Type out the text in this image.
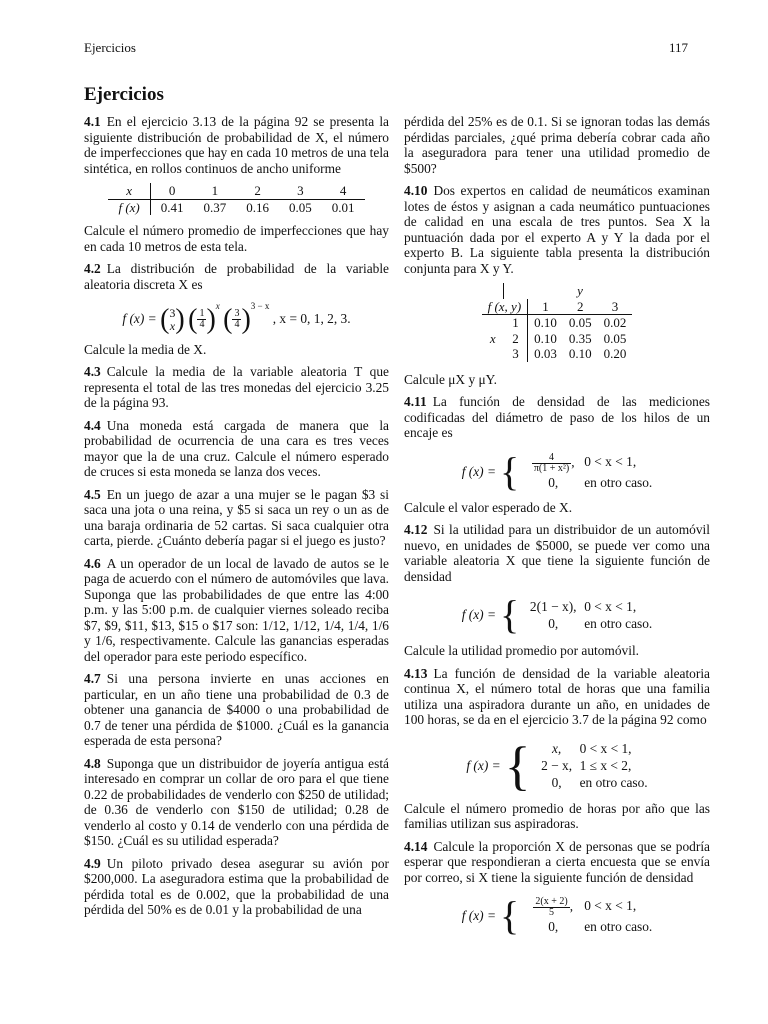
Ejercicios	117
Ejercicios

4.1 En el ejercicio 3.13 de la página 92 se presenta la siguiente distribución de probabilidad de X, el número de imperfecciones que hay en cada 10 metros de una tela sintética, en rollos continuos de ancho uniforme

x	0	1	2	3	4
f (x)	0.41	0.37	0.16	0.05	0.01

Calcule el número promedio de imperfecciones que hay en cada 10 metros de esta tela.

4.2 La distribución de probabilidad de la variable aleatoria discreta X es

f (x) = ( 3
x ) ( $\frac{1}{4} )^x$ ( $\frac{3}{4} )^{3 - x}$ , x = 0, 1, 2, 3.

Calcule la media de X.

4.3 Calcule la media de la variable aleatoria T que representa el total de las tres monedas del ejercicio 3.25 de la página 93.

4.4 Una moneda está cargada de manera que la probabilidad de ocurrencia de una cara es tres veces mayor que la de una cruz. Calcule el número esperado de cruces si esta moneda se lanza dos veces.

4.5 En un juego de azar a una mujer se le pagan $3 si saca una jota o una reina, y $5 si saca un rey o un as de una baraja ordinaria de 52 cartas. Si saca cualquier otra carta, pierde. ¿Cuánto debería pagar si el juego es justo?

4.6 A un operador de un local de lavado de autos se le paga de acuerdo con el número de automóviles que lava. Suponga que las probabilidades de que entre las 4:00 p.m. y las 5:00 p.m. de cualquier viernes soleado reciba $7, $9, $11, $13, $15 o $17 son: 1/12, 1/12, 1/4, 1/4, 1/6 y 1/6, respectivamente. Calcule las ganancias esperadas del operador para este periodo específico.

4.7 Si una persona invierte en unas acciones en particular, en un año tiene una probabilidad de 0.3 de obtener una ganancia de $4000 o una probabilidad de 0.7 de tener una pérdida de $1000. ¿Cuál es la ganancia esperada de esta persona?

4.8 Suponga que un distribuidor de joyería antigua está interesado en comprar un collar de oro para el que tiene 0.22 de probabilidades de venderlo con $250 de utilidad; de 0.36 de venderlo con $150 de utilidad; 0.28 de venderlo al costo y 0.14 de venderlo con una pérdida de $150. ¿Cuál es su utilidad esperada?

4.9 Un piloto privado desea asegurar su avión por $200,000. La aseguradora estima que la probabilidad de pérdida total es de 0.002, que la probabilidad de una pérdida del 50% es de 0.01 y la probabilidad de una

pérdida del 25% es de 0.1. Si se ignoran todas las demás pérdidas parciales, ¿qué prima debería cobrar cada año la aseguradora para tener una utilidad promedio de $500?

4.10 Dos expertos en calidad de neumáticos examinan lotes de éstos y asignan a cada neumático puntuaciones de calidad en una escala de tres puntos. Sea X la puntuación dada por el experto A y Y la dada por el experto B. La siguiente tabla presenta la distribución conjunta para X y Y.

		y		
f (x, y)		1	2	3
	1	0.10	0.05	0.02
x	2	0.10	0.35	0.05
	3	0.03	0.10	0.20

Calcule μX y μY.

4.11 La función de densidad de las mediciones codificadas del diámetro de paso de los hilos de un encaje es

f (x) = { $\frac{4}{\text{π(1 + x²)}}$ , 0 < x < 1,
0,	en otro caso.

Calcule el valor esperado de X.

4.12 Si la utilidad para un distribuidor de un automóvil nuevo, en unidades de $5000, se puede ver como una variable aleatoria X que tiene la siguiente función de densidad

f (x) = { 2(1 − x), 0 < x < 1,
0,	en otro caso.

Calcule la utilidad promedio por automóvil.

4.13 La función de densidad de la variable aleatoria continua X, el número total de horas que una familia utiliza una aspiradora durante un año, en unidades de 100 horas, se da en el ejercicio 3.7 de la página 92 como

f (x) = {	x,	0 < x < 1,
2 − x, 1 ≤ x < 2,
0,	en otro caso.

Calcule el número promedio de horas por año que las familias utilizan sus aspiradoras.

4.14 Calcule la proporción X de personas que se podría esperar que respondieran a cierta encuesta que se envía por correo, si X tiene la siguiente función de densidad

f (x) = { $\frac{2(x + 2)}{5}$ , 0 < x < 1,
0,	en otro caso.
